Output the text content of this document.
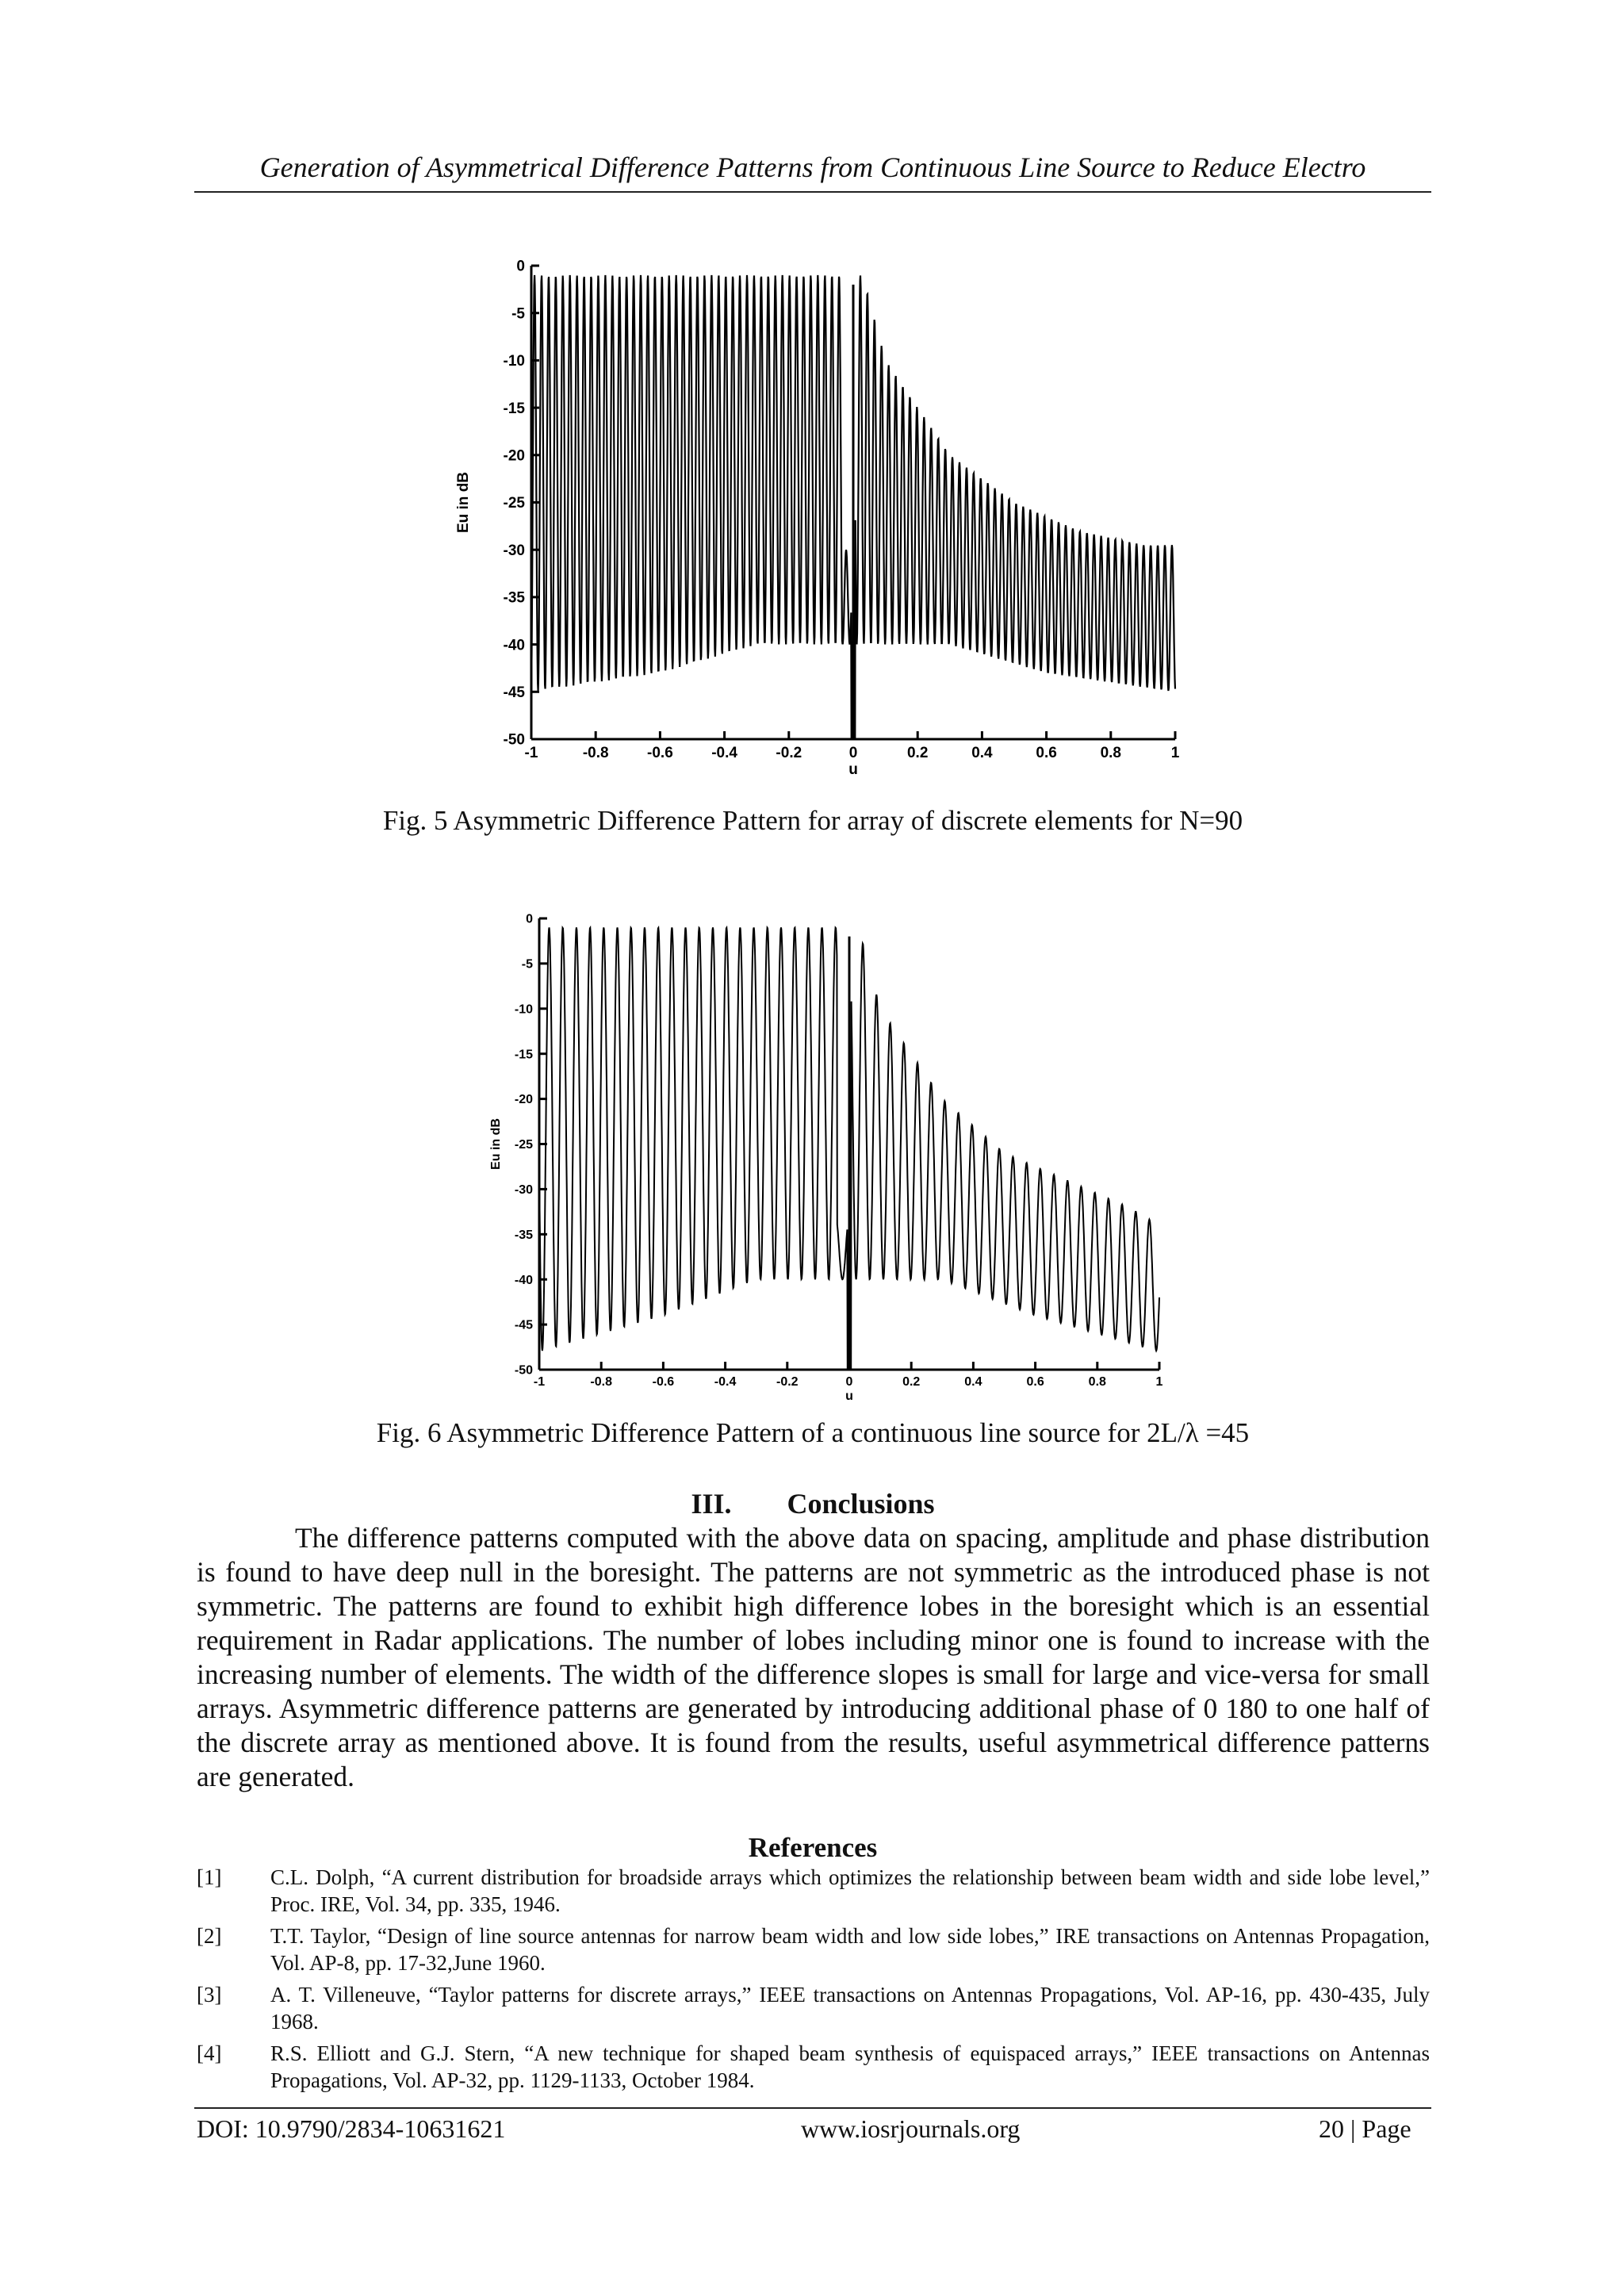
Generation of Asymmetrical Difference Patterns from Continuous Line Source to Reduce Electro
0
-5
-10
-15
-20
-25
-30
-35
-40
-45
-50
-1	-0.8	-0.6	-0.4	-0.2	0	0.2	0.4	0.6	0.8	1
u
Eu in dB
Fig. 5 Asymmetric Difference Pattern for array of discrete elements for N=90
0
-5
-10
-15
-20
-25
-30
-35
-40
-45
-50
-1	-0.8	-0.6	-0.4	-0.2	0	0.2	0.4	0.6	0.8	1
u
Eu in dB
Fig. 6 Asymmetric Difference Pattern of a continuous line source for 2L/λ =45
III. Conclusions
The difference patterns computed with the above data on spacing, amplitude and phase distribution is found to have deep null in the boresight. The patterns are not symmetric as the introduced phase is not symmetric. The patterns are found to exhibit high difference lobes in the boresight which is an essential requirement in Radar applications. The number of lobes including minor one is found to increase with the increasing number of elements. The width of the difference slopes is small for large and vice-versa for small arrays. Asymmetric difference patterns are generated by introducing additional phase of 0 180 to one half of the discrete array as mentioned above. It is found from the results, useful asymmetrical difference patterns are generated.
References
[1] C.L. Dolph, “A current distribution for broadside arrays which optimizes the relationship between beam width and side lobe level,” Proc. IRE, Vol. 34, pp. 335, 1946.
[2] T.T. Taylor, “Design of line source antennas for narrow beam width and low side lobes,” IRE transactions on Antennas Propagation, Vol. AP-8, pp. 17-32,June 1960.
[3] A. T. Villeneuve, “Taylor patterns for discrete arrays,” IEEE transactions on Antennas Propagations, Vol. AP-16, pp. 430-435, July 1968.
[4] R.S. Elliott and G.J. Stern, “A new technique for shaped beam synthesis of equispaced arrays,” IEEE transactions on Antennas Propagations, Vol. AP-32, pp. 1129-1133, October 1984.
DOI: 10.9790/2834-10631621	www.iosrjournals.org	20 | Page
